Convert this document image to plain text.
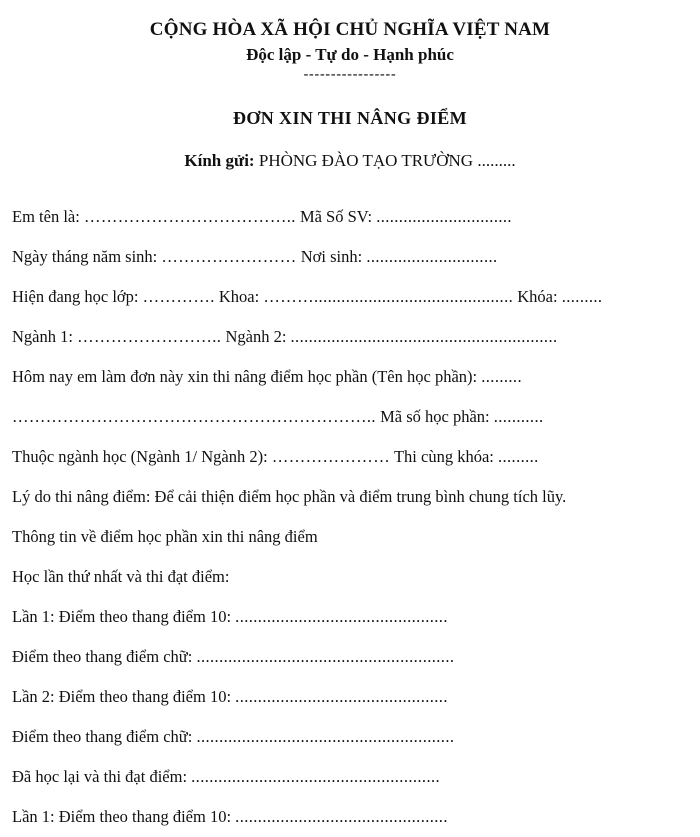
CỘNG HÒA XÃ HỘI CHỦ NGHĨA VIỆT NAM
Độc lập - Tự do - Hạnh phúc
-----------------
ĐƠN XIN THI NÂNG ĐIỂM
Kính gửi: PHÒNG ĐÀO TẠO TRƯỜNG .........
Em tên là: ……………………………….. Mã Số SV: ..............................
Ngày tháng năm sinh: …………………… Nơi sinh: .............................
Hiện đang học lớp: …………. Khoa: ………............................................ Khóa: .........
Ngành 1: …………………….. Ngành 2: ...........................................................
Hôm nay em làm đơn này xin thi nâng điểm học phần (Tên học phần): .........
……………………………………………………….. Mã số học phần: ...........
Thuộc ngành học (Ngành 1/ Ngành 2): ………………… Thi cùng khóa: .........
Lý do thi nâng điểm: Để cải thiện điểm học phần và điểm trung bình chung tích lũy.
Thông tin về điểm học phần xin thi nâng điểm
Học lần thứ nhất và thi đạt điểm:
Lần 1: Điểm theo thang điểm 10: ...............................................
Điểm theo thang điểm chữ: .........................................................
Lần 2: Điểm theo thang điểm 10: ...............................................
Điểm theo thang điểm chữ: .........................................................
Đã học lại và thi đạt điểm: .......................................................
Lần 1: Điểm theo thang điểm 10: ...............................................
